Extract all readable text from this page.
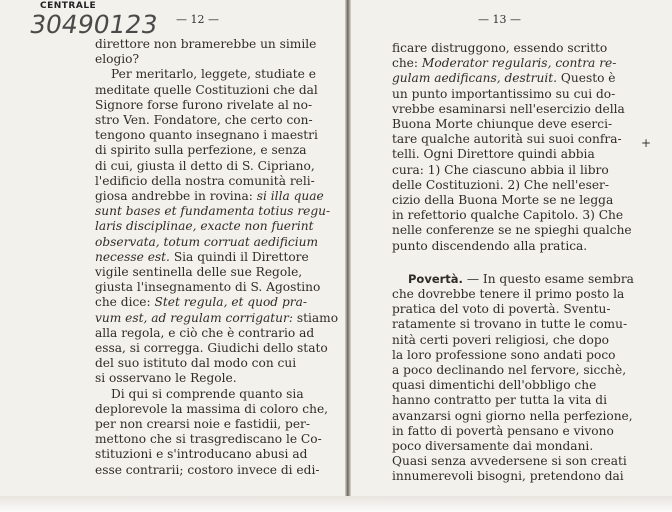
CENTRALE
30490123 — 12 —	— 13 —
direttore non bramerebbe un simile
elogio?
Per meritarlo, leggete, studiate e
meditate quelle Costituzioni che dal
Signore forse furono rivelate al no-
stro Ven. Fondatore, che certo con-
tengono quanto insegnano i maestri
di spirito sulla perfezione, e senza
di cui, giusta il detto di S. Cipriano,
l'edificio della nostra comunità reli-
giosa andrebbe in rovina: si illa quae
sunt bases et fundamenta totius regu-
laris disciplinae, exacte non fuerint
observata, totum corruat aedificium
necesse est. Sia quindi il Direttore
vigile sentinella delle sue Regole,
giusta l'insegnamento di S. Agostino
che dice: Stet regula, et quod pra-
vum est, ad regulam corrigatur: stiamo
alla regola, e ciò che è contrario ad
essa, si corregga. Giudichi dello stato
del suo istituto dal modo con cui
si osservano le Regole.
Di qui si comprende quanto sia
deplorevole la massima di coloro che,
per non crearsi noie e fastidii, per-
mettono che si trasgrediscano le Co-
stituzioni e s'introducano abusi ad
esse contrarii; costoro invece di edi-
ficare distruggono, essendo scritto
che: Moderator regularis, contra re-
gulam aedificans, destruit. Questo è
un punto importantissimo su cui do-
vrebbe esaminarsi nell'esercizio della
Buona Morte chiunque deve eserci-
tare qualche autorità sui suoi confra-
telli. Ogni Direttore quindi abbia
cura: 1) Che ciascuno abbia il libro
delle Costituzioni. 2) Che nell'eser-
cizio della Buona Morte se ne legga
in refettorio qualche Capitolo. 3) Che
nelle conferenze se ne spieghi qualche
punto discendendo alla pratica.
Povertà. — In questo esame sembra
che dovrebbe tenere il primo posto la
pratica del voto di povertà. Sventu-
ratamente si trovano in tutte le comu-
nità certi poveri religiosi, che dopo
la loro professione sono andati poco
a poco declinando nel fervore, sicchè,
quasi dimentichi dell'obbligo che
hanno contratto per tutta la vita di
avanzarsi ogni giorno nella perfezione,
in fatto di povertà pensano e vivono
poco diversamente dai mondani.
Quasi senza avvedersene si son creati
innumerevoli bisogni, pretendono dai
+
